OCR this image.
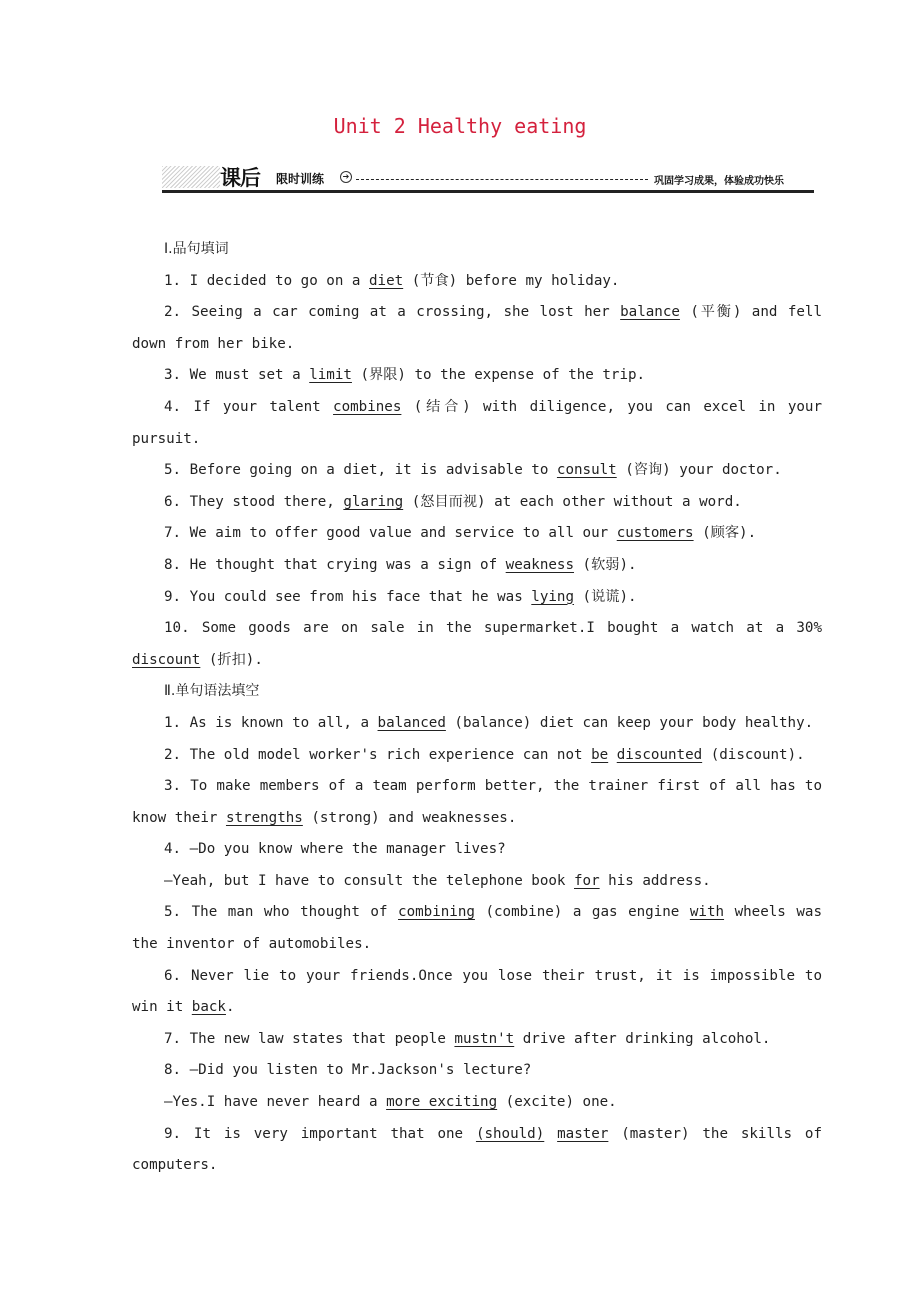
Unit 2 Healthy eating
课后 限时训练	➔	巩固学习成果，体验成功快乐

Ⅰ.品句填词

1. I decided to go on a diet (节食) before my holiday.

2. Seeing a car coming at a crossing, she lost her balance (平衡) and fell down from her bike.

3. We must set a limit (界限) to the expense of the trip.

4. If your talent combines (结合) with diligence, you can excel in your pursuit.

5. Before going on a diet, it is advisable to consult (咨询) your doctor.

6. They stood there, glaring (怒目而视) at each other without a word.

7. We aim to offer good value and service to all our customers (顾客).

8. He thought that crying was a sign of weakness (软弱).

9. You could see from his face that he was lying (说谎).

10. Some goods are on sale in the supermarket.I bought a watch at a 30% discount (折扣).

Ⅱ.单句语法填空

1. As is known to all, a balanced (balance) diet can keep your body healthy.

2. The old model worker's rich experience can not be discounted (discount).

3. To make members of a team perform better, the trainer first of all has to know their strengths (strong) and weaknesses.

4. —Do you know where the manager lives?

—Yeah, but I have to consult the telephone book for his address.

5. The man who thought of combining (combine) a gas engine with wheels was the inventor of automobiles.

6. Never lie to your friends.Once you lose their trust, it is impossible to win it back.

7. The new law states that people mustn't drive after drinking alcohol.

8. —Did you listen to Mr.Jackson's lecture?

—Yes.I have never heard a more exciting (excite) one.

9. It is very important that one (should) master (master) the skills of computers.
